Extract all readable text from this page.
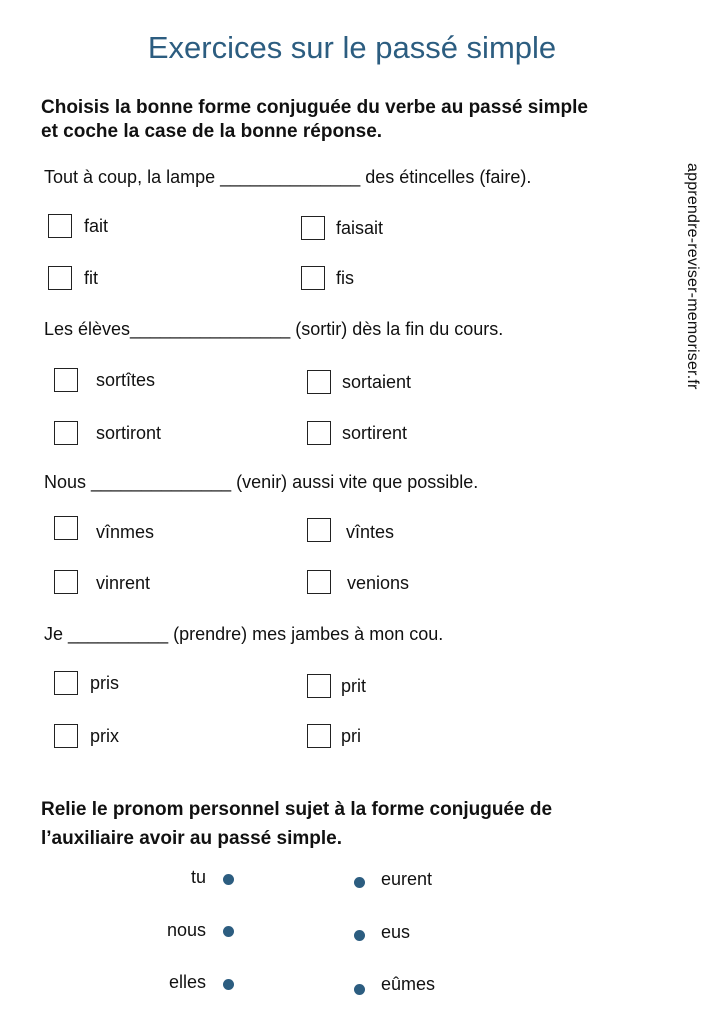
Exercices sur le passé simple
Choisis la bonne forme conjuguée du verbe au passé simple
et coche la case de la bonne réponse.
apprendre-reviser-memoriser.fr
Tout à coup, la lampe ______________ des étincelles (faire).
fait	faisait
fit	fis
Les élèves________________ (sortir) dès la fin du cours.
sortîtes	sortaient
sortiront	sortirent
Nous ______________ (venir) aussi vite que possible.
vînmes	vîntes
vinrent	venions
Je __________ (prendre) mes jambes à mon cou.
pris	prit
prix	pri
Relie le pronom personnel sujet à la forme conjuguée de
l’auxiliaire avoir au passé simple.
tu	eurent
nous	eus
elles	eûmes
